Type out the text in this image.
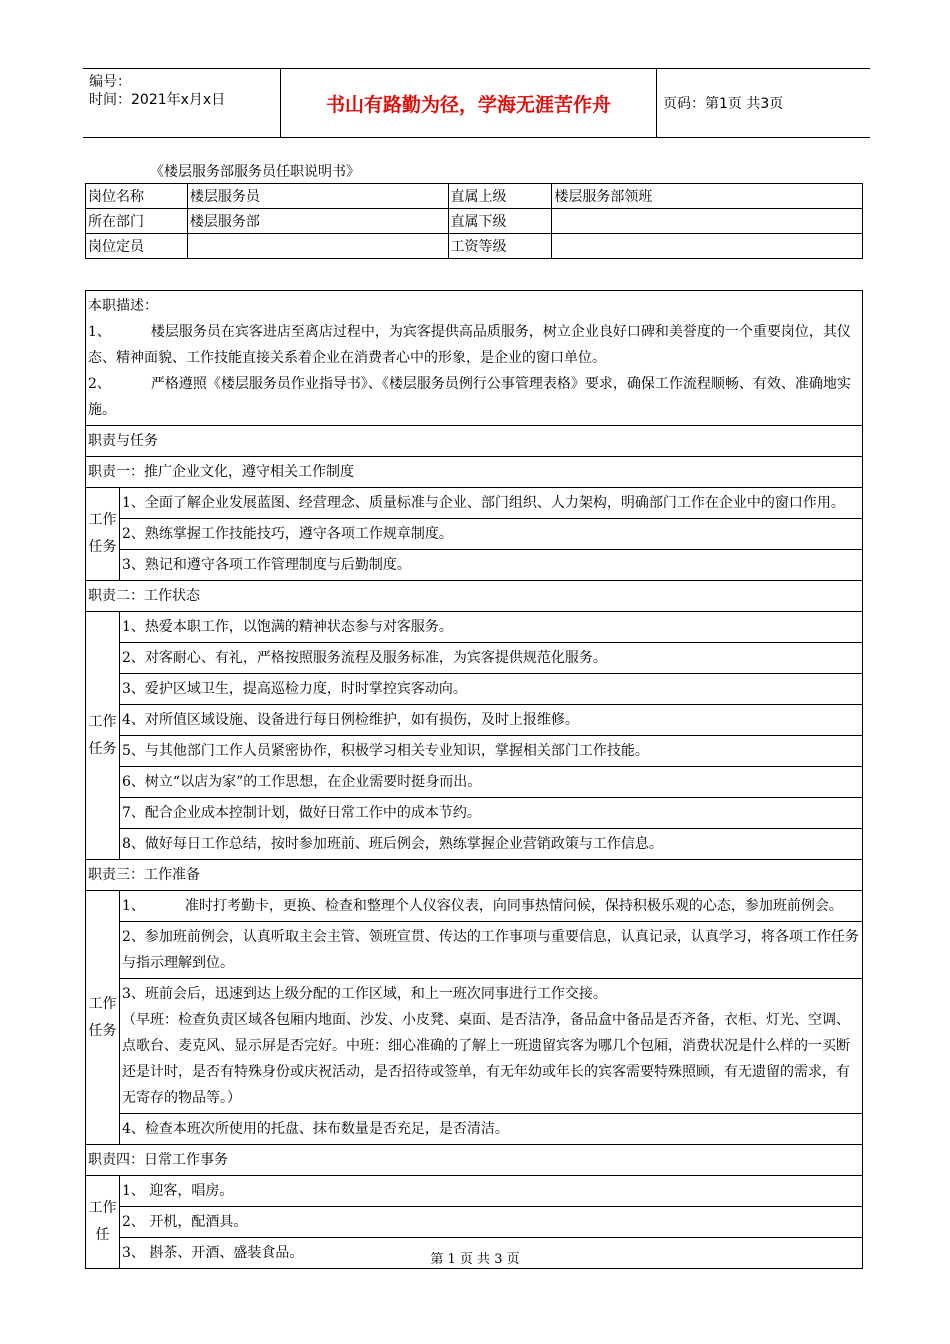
编号：
时间：2021年x月x日	书山有路勤为径，学海无涯苦作舟	页码：第1页 共3页
《楼层服务部服务员任职说明书》
岗位名称	楼层服务员	直属上级	楼层服务部领班
所在部门	楼层服务部	直属下级	
岗位定员		工资等级	
本职描述：
1、 楼层服务员在宾客进店至离店过程中，为宾客提供高品质服务，树立企业良好口碑和美誉度的一个重要岗位，其仪态、精神面貌、工作技能直接关系着企业在消费者心中的形象，是企业的窗口单位。
2、 严格遵照《楼层服务员作业指导书》、《楼层服务员例行公事管理表格》要求，确保工作流程顺畅、有效、准确地实施。	

职责与任务	
职责一：推广企业文化，遵守相关工作制度	
工作任务	1、全面了解企业发展蓝图、经营理念、质量标准与企业、部门组织、人力架构，明确部门工作在企业中的窗口作用。
	2、熟练掌握工作技能技巧，遵守各项工作规章制度。
	3、熟记和遵守各项工作管理制度与后勤制度。
职责二：工作状态	
工作任务	1、热爱本职工作，以饱满的精神状态参与对客服务。
	2、对客耐心、有礼，严格按照服务流程及服务标准，为宾客提供规范化服务。
	3、爱护区域卫生，提高巡检力度，时时掌控宾客动向。
	4、对所值区域设施、设备进行每日例检维护，如有损伤，及时上报维修。
	5、与其他部门工作人员紧密协作，积极学习相关专业知识，掌握相关部门工作技能。
	6、树立“以店为家”的工作思想，在企业需要时挺身而出。
	7、配合企业成本控制计划，做好日常工作中的成本节约。
	8、做好每日工作总结，按时参加班前、班后例会，熟练掌握企业营销政策与工作信息。
职责三：工作准备	
工作任务	1、 准时打考勤卡，更换、检查和整理个人仪容仪表，向同事热情问候，保持积极乐观的心态，参加班前例会。
	2、参加班前例会，认真听取主会主管、领班宣贯、传达的工作事项与重要信息，认真记录，认真学习，将各项工作任务与指示理解到位。

	3、班前会后，迅速到达上级分配的工作区域，和上一班次同事进行工作交接。
（早班：检查负责区域各包厢内地面、沙发、小皮凳、桌面、是否洁净，备品盒中备品是否齐备，衣柜、灯光、空调、点歌台、麦克风、显示屏是否完好。中班：细心准确的了解上一班遗留宾客为哪几个包厢，消费状况是什么样的一买断还是计时，是否有特殊身份或庆祝活动，是否招待或签单，有无年幼或年长的宾客需要特殊照顾，有无遗留的需求，有无寄存的物品等。）

	4、检查本班次所使用的托盘、抹布数量是否充足，是否清洁。
职责四：日常工作事务	
工作任	1、 迎客，唱房。
	2、 开机，配酒具。
	3、 斟茶、开酒、盛装食品。	第 1 页 共 3 页
